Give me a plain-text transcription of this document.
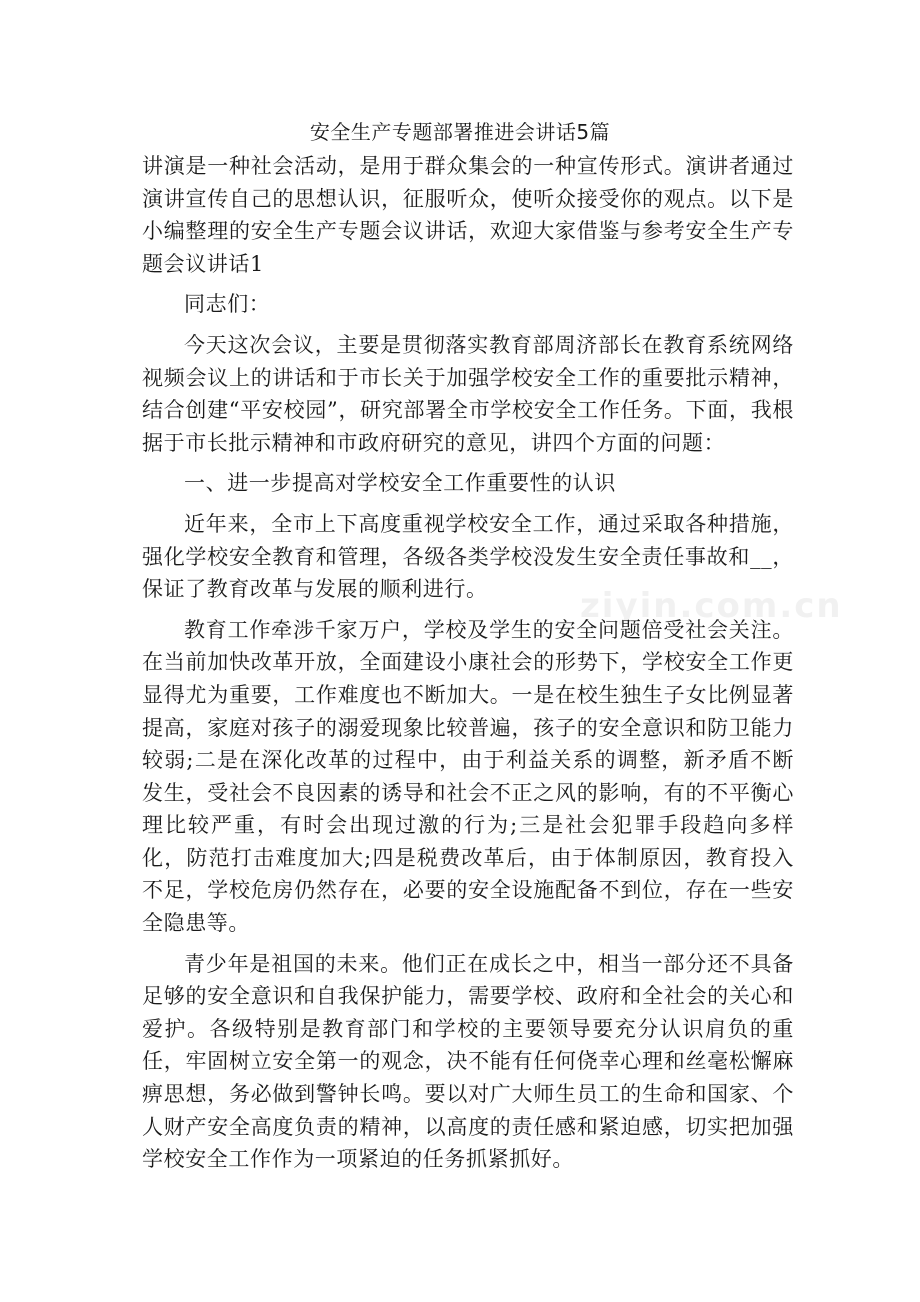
安全生产专题部署推进会讲话5篇
ziyin.com.cn

讲演是一种社会活动，是用于群众集会的一种宣传形式。演讲者通过演讲宣传自己的思想认识，征服听众，使听众接受你的观点。以下是小编整理的安全生产专题会议讲话，欢迎大家借鉴与参考安全生产专题会议讲话1

同志们：

今天这次会议，主要是贯彻落实教育部周济部长在教育系统网络视频会议上的讲话和于市长关于加强学校安全工作的重要批示精神，结合创建“平安校园”，研究部署全市学校安全工作任务。下面，我根据于市长批示精神和市政府研究的意见，讲四个方面的问题：

一、进一步提高对学校安全工作重要性的认识

近年来，全市上下高度重视学校安全工作，通过采取各种措施，强化学校安全教育和管理，各级各类学校没发生安全责任事故和__，保证了教育改革与发展的顺利进行。

教育工作牵涉千家万户，学校及学生的安全问题倍受社会关注。在当前加快改革开放，全面建设小康社会的形势下，学校安全工作更显得尤为重要，工作难度也不断加大。一是在校生独生子女比例显著提高，家庭对孩子的溺爱现象比较普遍，孩子的安全意识和防卫能力较弱;二是在深化改革的过程中，由于利益关系的调整，新矛盾不断发生，受社会不良因素的诱导和社会不正之风的影响，有的不平衡心理比较严重，有时会出现过激的行为;三是社会犯罪手段趋向多样化，防范打击难度加大;四是税费改革后，由于体制原因，教育投入不足，学校危房仍然存在，必要的安全设施配备不到位，存在一些安全隐患等。

青少年是祖国的未来。他们正在成长之中，相当一部分还不具备足够的安全意识和自我保护能力，需要学校、政府和全社会的关心和爱护。各级特别是教育部门和学校的主要领导要充分认识肩负的重任，牢固树立安全第一的观念，决不能有任何侥幸心理和丝毫松懈麻痹思想，务必做到警钟长鸣。要以对广大师生员工的生命和国家、个人财产安全高度负责的精神，以高度的责任感和紧迫感，切实把加强学校安全工作作为一项紧迫的任务抓紧抓好。
